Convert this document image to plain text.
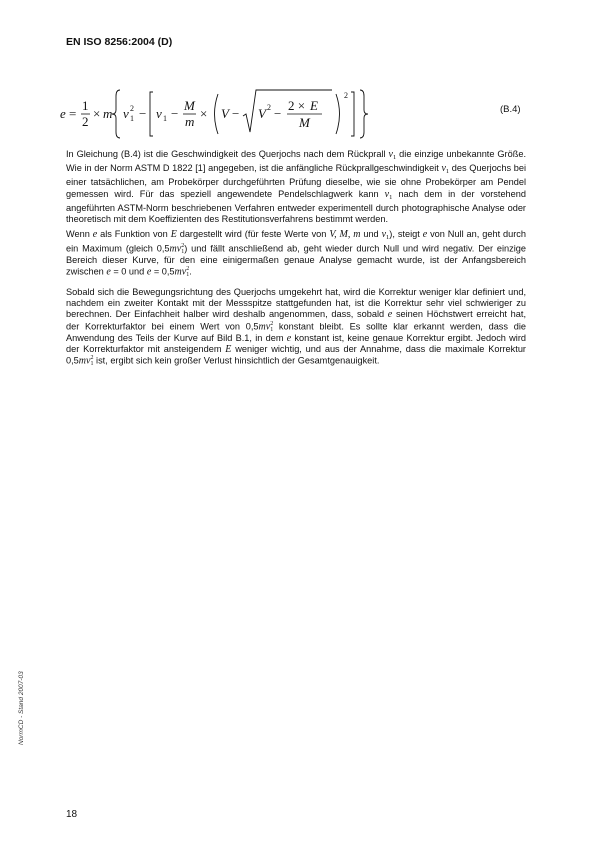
EN ISO 8256:2004 (D)
e =
1
2
× m v 1
2 − v 1 −
M
m
× V − V 2 −
2 × E
M
2
(B.4)

In Gleichung (B.4) ist die Geschwindigkeit des Querjochs nach dem Rückprall $v_1$ die einzige unbekannte Größe. Wie in der Norm ASTM D 1822 [1] angegeben, ist die anfängliche Rückprallgeschwindigkeit $v_1$ des Querjochs bei einer tatsächlichen, am Probekörper durchgeführten Prüfung dieselbe, wie sie ohne Probekörper am Pendel gemessen wird. Für das speziell angewendete Pendelschlagwerk kann $v_1$ nach dem in der vorstehend angeführten ASTM-Norm beschriebenen Verfahren entweder experimentell durch photographische Analyse oder theoretisch mit dem Koeffizienten des Restitutionsverfahrens bestimmt werden.

Wenn e als Funktion von E dargestellt wird (für feste Werte von V, M, m und $v_1$), steigt e von Null an, geht durch ein Maximum (gleich 0,5mv2
1) und fällt anschließend ab, geht wieder durch Null und wird negativ. Der einzige Bereich dieser Kurve, für den eine einigermaßen genaue Analyse gemacht wurde, ist der Anfangsbereich zwischen e = 0 und e = 0,5mv2
1.

Sobald sich die Bewegungsrichtung des Querjochs umgekehrt hat, wird die Korrektur weniger klar definiert und, nachdem ein zweiter Kontakt mit der Messspitze stattgefunden hat, ist die Korrektur sehr viel schwieriger zu berechnen. Der Einfachheit halber wird deshalb angenommen, dass, sobald e seinen Höchstwert erreicht hat, der Korrekturfaktor bei einem Wert von 0,5mv2
1 konstant bleibt. Es sollte klar erkannt werden, dass die Anwendung des Teils der Kurve auf Bild B.1, in dem e konstant ist, keine genaue Korrektur ergibt. Jedoch wird der Korrekturfaktor mit ansteigendem E weniger wichtig, und aus der Annahme, dass die maximale Korrektur 0,5mv2
1 ist, ergibt sich kein großer Verlust hinsichtlich der Gesamtgenauigkeit.

NormCD - Stand 2007-03
18
